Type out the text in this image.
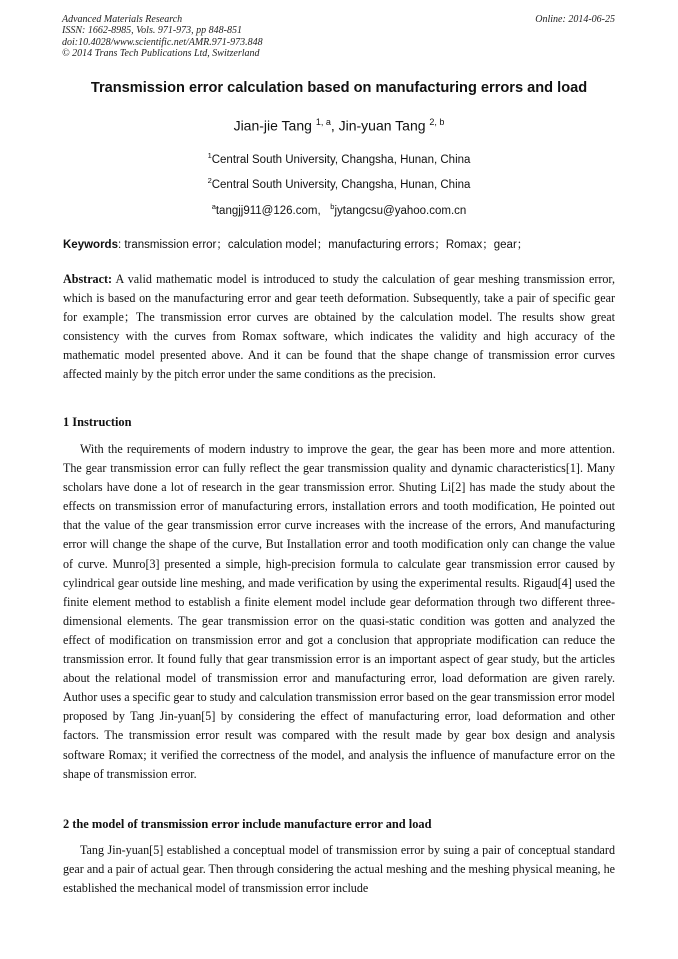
Advanced Materials Research
ISSN: 1662-8985, Vols. 971-973, pp 848-851
doi:10.4028/www.scientific.net/AMR.971-973.848
© 2014 Trans Tech Publications Ltd, Switzerland
Online: 2014-06-25
Transmission error calculation based on manufacturing errors and load
Jian-jie Tang $^{1, a}$, Jin-yuan Tang $^{2, b}$
$^1$Central South University, Changsha, Hunan, China
$^2$Central South University, Changsha, Hunan, China
$^a$tangjj911@126.com, $^b$jytangcsu@yahoo.com.cn
Keywords: transmission error；calculation model；manufacturing errors；Romax；gear；
Abstract: A valid mathematic model is introduced to study the calculation of gear meshing transmission error, which is based on the manufacturing error and gear teeth deformation. Subsequently, take a pair of specific gear for example；The transmission error curves are obtained by the calculation model. The results show great consistency with the curves from Romax software, which indicates the validity and high accuracy of the mathematic model presented above. And it can be found that the shape change of transmission error curves affected mainly by the pitch error under the same conditions as the precision.
1 Instruction
With the requirements of modern industry to improve the gear, the gear has been more and more attention. The gear transmission error can fully reflect the gear transmission quality and dynamic characteristics[1]. Many scholars have done a lot of research in the gear transmission error. Shuting Li[2] has made the study about the effects on transmission error of manufacturing errors, installation errors and tooth modification, He pointed out that the value of the gear transmission error curve increases with the increase of the errors, And manufacturing error will change the shape of the curve, But Installation error and tooth modification only can change the value of curve. Munro[3] presented a simple, high-precision formula to calculate gear transmission error caused by cylindrical gear outside line meshing, and made verification by using the experimental results. Rigaud[4] used the finite element method to establish a finite element model include gear deformation through two different three-dimensional elements. The gear transmission error on the quasi-static condition was gotten and analyzed the effect of modification on transmission error and got a conclusion that appropriate modification can reduce the transmission error. It found fully that gear transmission error is an important aspect of gear study, but the articles about the relational model of transmission error and manufacturing error, load deformation are given rarely. Author uses a specific gear to study and calculation transmission error based on the gear transmission error model proposed by Tang Jin-yuan[5] by considering the effect of manufacturing error, load deformation and other factors. The transmission error result was compared with the result made by gear box design and analysis software Romax; it verified the correctness of the model, and analysis the influence of manufacture error on the shape of transmission error.
2 the model of transmission error include manufacture error and load
Tang Jin-yuan[5] established a conceptual model of transmission error by suing a pair of conceptual standard gear and a pair of actual gear. Then through considering the actual meshing and the meshing physical meaning, he established the mechanical model of transmission error include
